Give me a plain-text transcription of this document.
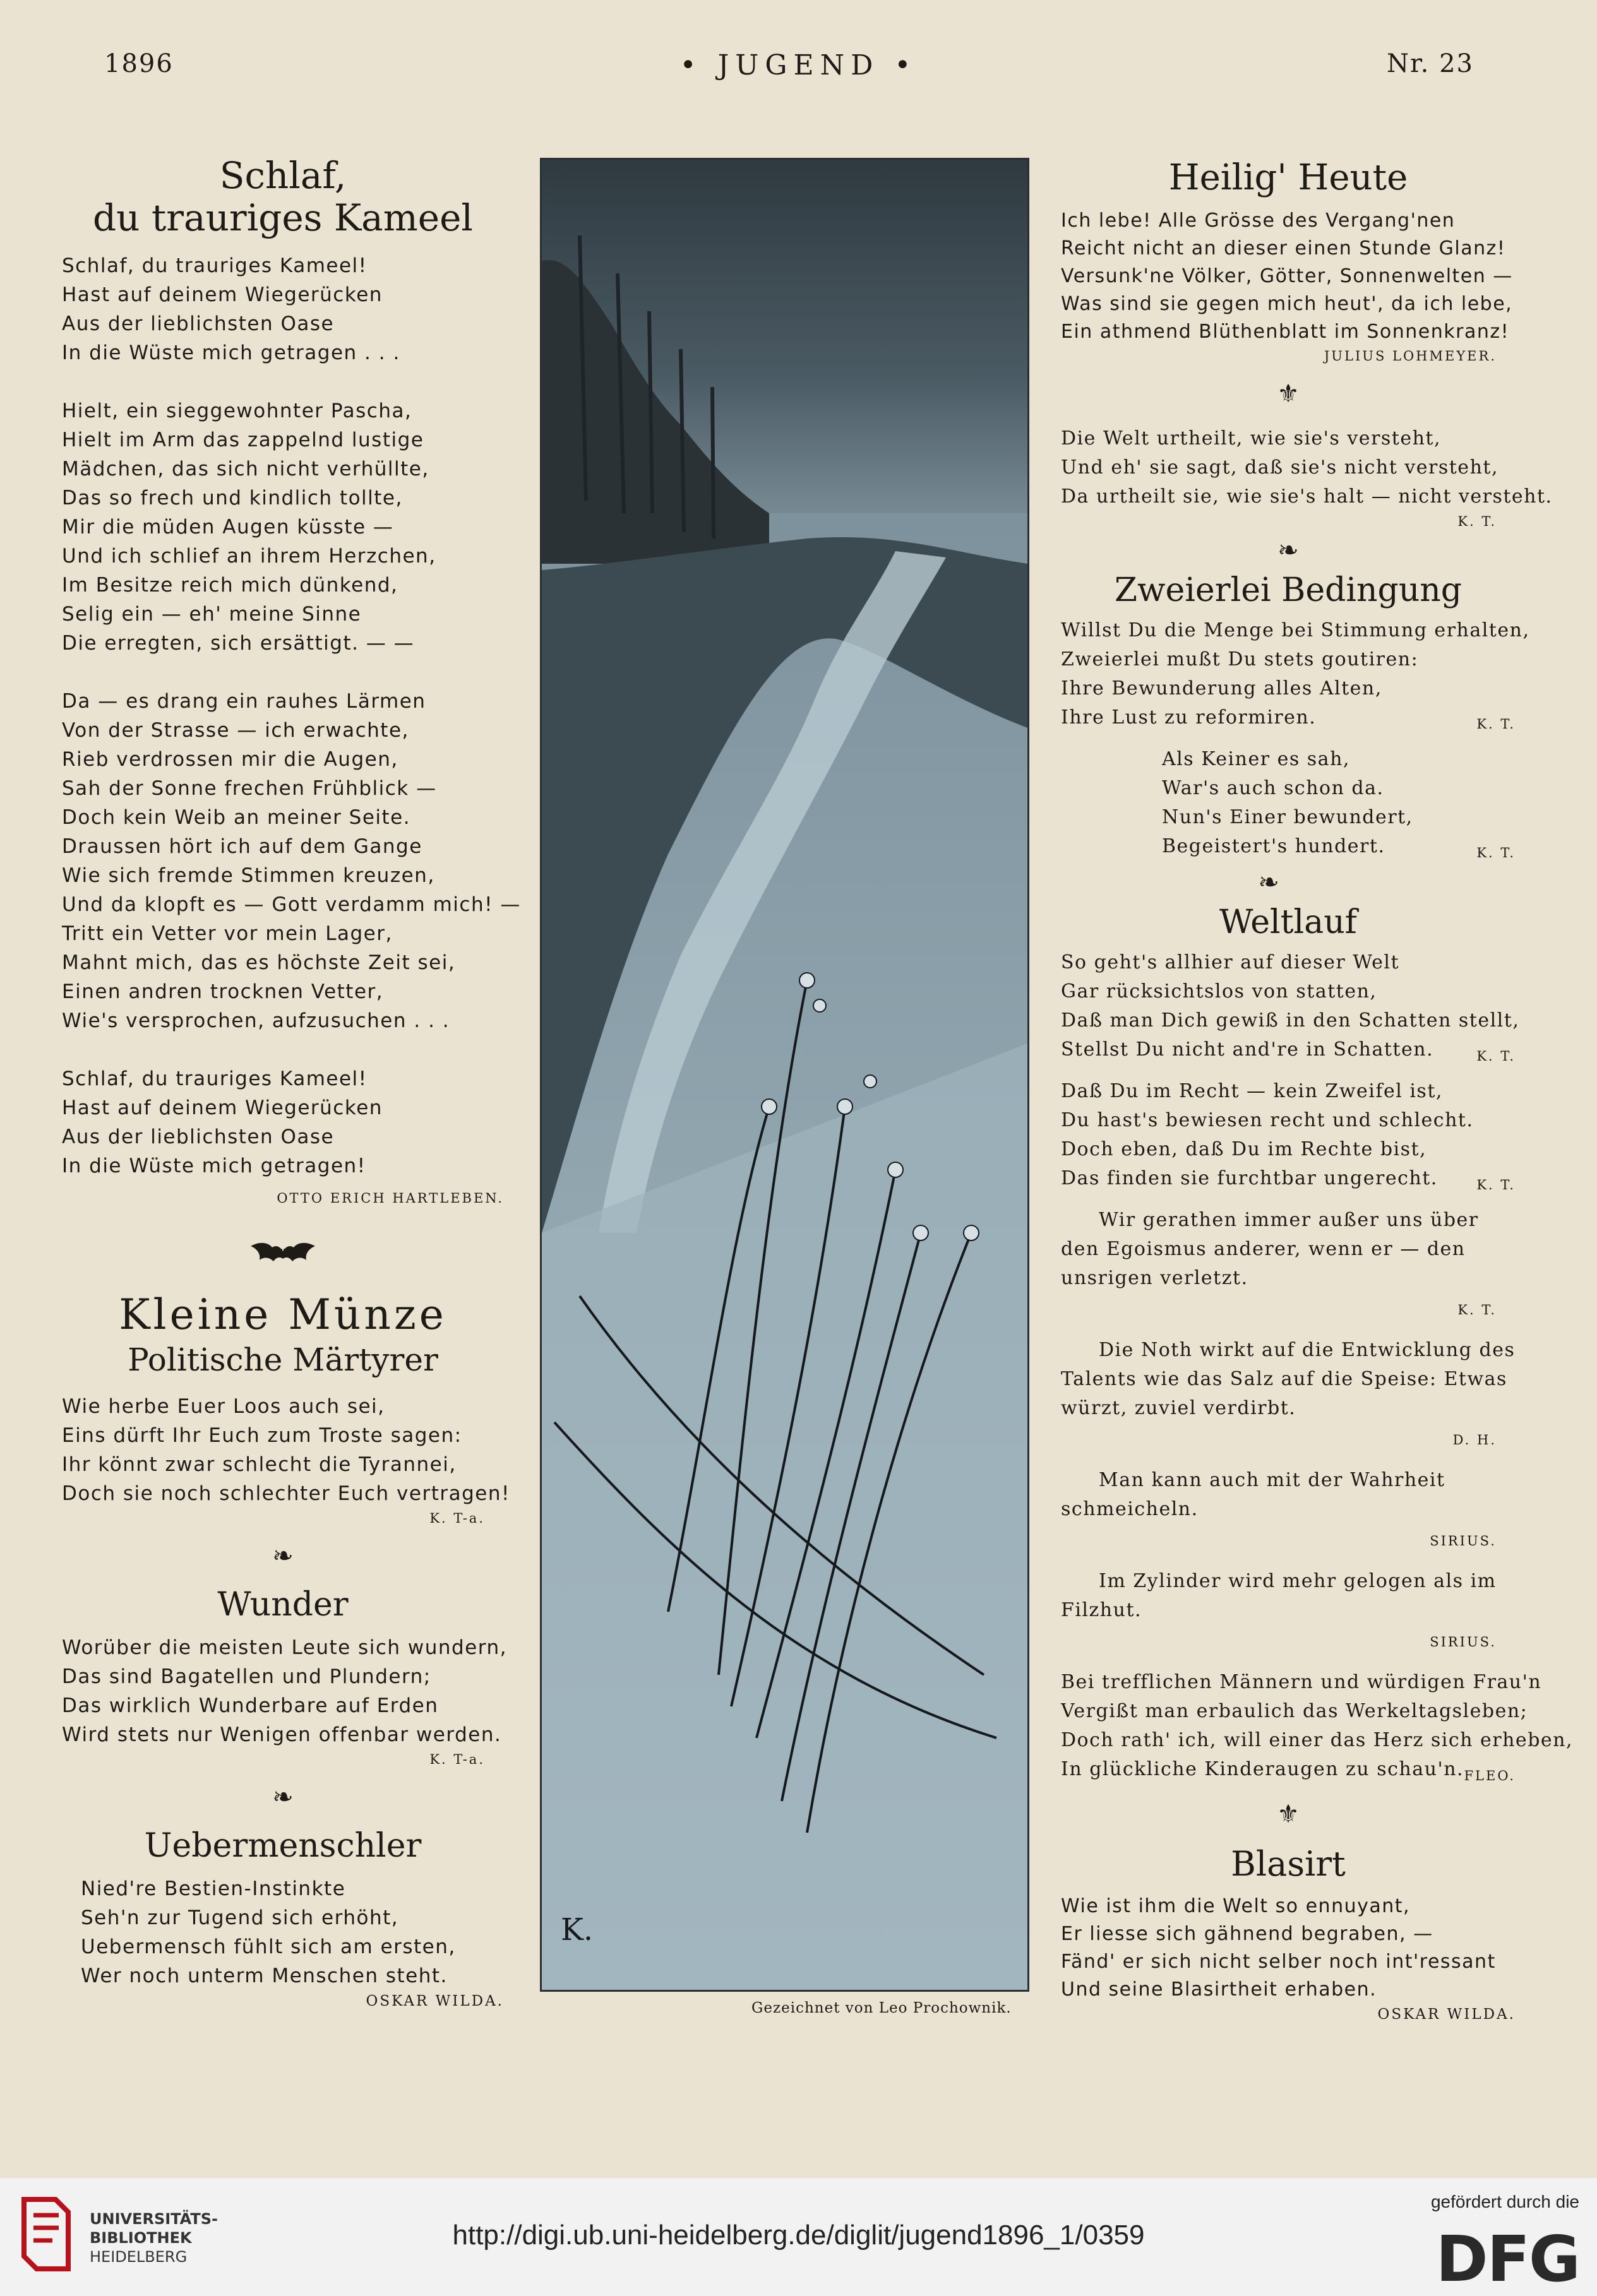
1896	• JUGEND •	Nr. 23
Schlaf,
du trauriges Kameel
Schlaf, du trauriges Kameel!
Hast auf deinem Wiegerücken
Aus der lieblichsten Oase
In die Wüste mich getragen . . .
Hielt, ein sieggewohnter Pascha,
Hielt im Arm das zappelnd lustige
Mädchen, das sich nicht verhüllte,
Das so frech und kindlich tollte,
Mir die müden Augen küsste —
Und ich schlief an ihrem Herzchen,
Im Besitze reich mich dünkend,
Selig ein — eh' meine Sinne
Die erregten, sich ersättigt. — —
Da — es drang ein rauhes Lärmen
Von der Strasse — ich erwachte,
Rieb verdrossen mir die Augen,
Sah der Sonne frechen Frühblick —
Doch kein Weib an meiner Seite.
Draussen hört ich auf dem Gange
Wie sich fremde Stimmen kreuzen,
Und da klopft es — Gott verdamm mich! —
Tritt ein Vetter vor mein Lager,
Mahnt mich, das es höchste Zeit sei,
Einen andren trocknen Vetter,
Wie's versprochen, aufzusuchen . . .
Schlaf, du trauriges Kameel!
Hast auf deinem Wiegerücken
Aus der lieblichsten Oase
In die Wüste mich getragen!
OTTO ERICH HARTLEBEN.
Kleine Münze
Politische Märtyrer
Wie herbe Euer Loos auch sei,
Eins dürft Ihr Euch zum Troste sagen:
Ihr könnt zwar schlecht die Tyrannei,
Doch sie noch schlechter Euch vertragen!
K. T-a.
❧
Wunder
Worüber die meisten Leute sich wundern,
Das sind Bagatellen und Plundern;
Das wirklich Wunderbare auf Erden
Wird stets nur Wenigen offenbar werden.
K. T-a.
❧
Uebermenschler
Nied're Bestien-Instinkte
Seh'n zur Tugend sich erhöht,
Uebermensch fühlt sich am ersten,
Wer noch unterm Menschen steht.
OSKAR WILDA.
K.
Gezeichnet von Leo Prochownik.
Heilig' Heute
Ich lebe! Alle Grösse des Vergang'nen
Reicht nicht an dieser einen Stunde Glanz!
Versunk'ne Völker, Götter, Sonnenwelten —
Was sind sie gegen mich heut', da ich lebe,
Ein athmend Blüthenblatt im Sonnenkranz!
JULIUS LOHMEYER.
⚜
Die Welt urtheilt, wie sie's versteht,
Und eh' sie sagt, daß sie's nicht versteht,
Da urtheilt sie, wie sie's halt — nicht versteht.
K. T.
❧
Zweierlei Bedingung
Willst Du die Menge bei Stimmung erhalten,
Zweierlei mußt Du stets goutiren:
Ihre Bewunderung alles Alten,
Ihre Lust zu reformiren.	K. T.
Als Keiner es sah,
War's auch schon da.
Nun's Einer bewundert,
Begeistert's hundert.	K. T.
❧
Weltlauf
So geht's allhier auf dieser Welt
Gar rücksichtslos von statten,
Daß man Dich gewiß in den Schatten stellt,
Stellst Du nicht and're in Schatten.	K. T.
Daß Du im Recht — kein Zweifel ist,
Du hast's bewiesen recht und schlecht.
Doch eben, daß Du im Rechte bist,
Das finden sie furchtbar ungerecht.	K. T.
Wir gerathen immer außer uns über den Egoismus anderer, wenn er — den unsrigen verletzt.
K. T.
Die Noth wirkt auf die Entwicklung des Talents wie das Salz auf die Speise: Etwas würzt, zuviel verdirbt.
D. H.
Man kann auch mit der Wahrheit schmeicheln.
SIRIUS.
Im Zylinder wird mehr gelogen als im Filzhut.
SIRIUS.
Bei trefflichen Männern und würdigen Frau'n
Vergißt man erbaulich das Werkeltagsleben;
Doch rath' ich, will einer das Herz sich erheben,
In glückliche Kinderaugen zu schau'n. FLEO.
⚜
Blasirt
Wie ist ihm die Welt so ennuyant,
Er liesse sich gähnend begraben, —
Fänd' er sich nicht selber noch int'ressant
Und seine Blasirtheit erhaben.
OSKAR WILDA.
UNIVERSITÄTS-
BIBLIOTHEK
HEIDELBERG
http://digi.ub.uni-heidelberg.de/diglit/jugend1896_1/0359
gefördert durch die
DFG
